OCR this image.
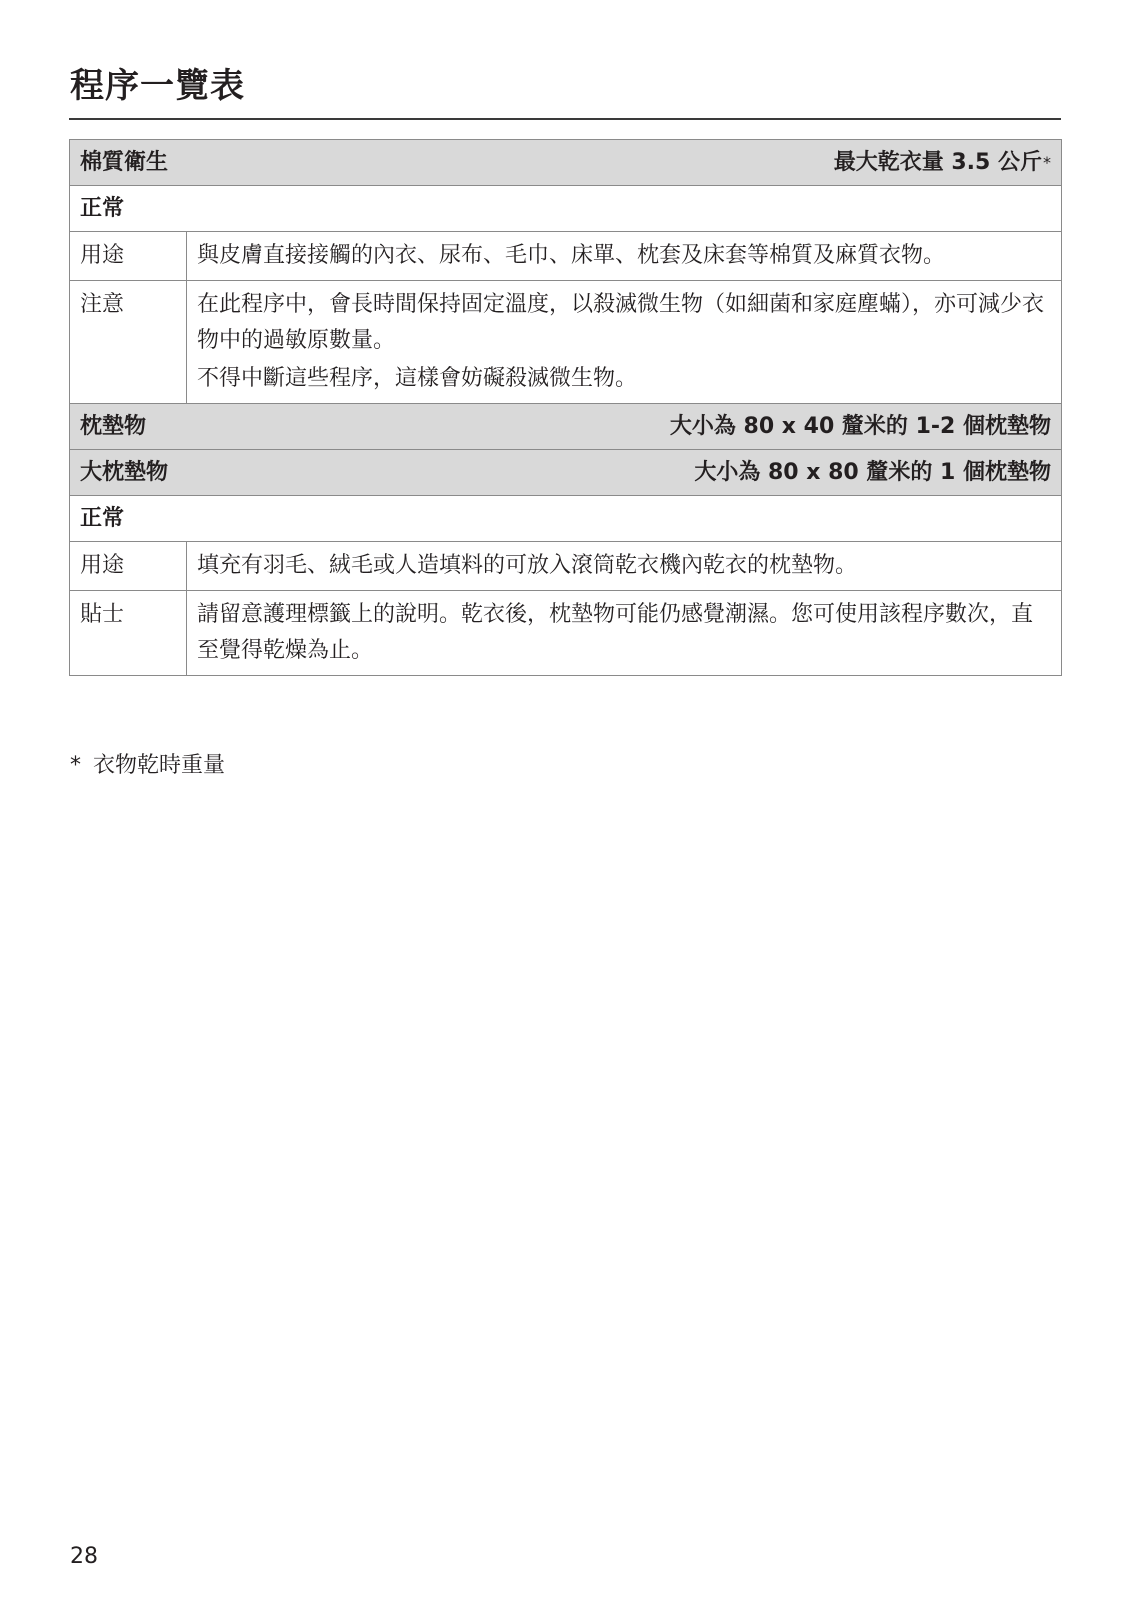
程序一覽表
棉質衛生 最大乾衣量 3.5 公斤*

正常	
用途	與皮膚直接接觸的內衣、尿布、毛巾、床單、枕套及床套等棉質及麻質衣物。

注意	在此程序中，會長時間保持固定溫度，以殺滅微生物（如細菌和家庭塵蟎），亦可減少衣物中的過敏原數量。

不得中斷這些程序，這樣會妨礙殺滅微生物。

枕墊物 大小為 80 x 40 釐米的 1-2 個枕墊物	

大枕墊物 大小為 80 x 80 釐米的 1 個枕墊物	

正常	
用途	填充有羽毛、絨毛或人造填料的可放入滾筒乾衣機內乾衣的枕墊物。

貼士	請留意護理標籤上的說明。乾衣後，枕墊物可能仍感覺潮濕。您可使用該程序數次，直至覺得乾燥為止。

* 衣物乾時重量
28
